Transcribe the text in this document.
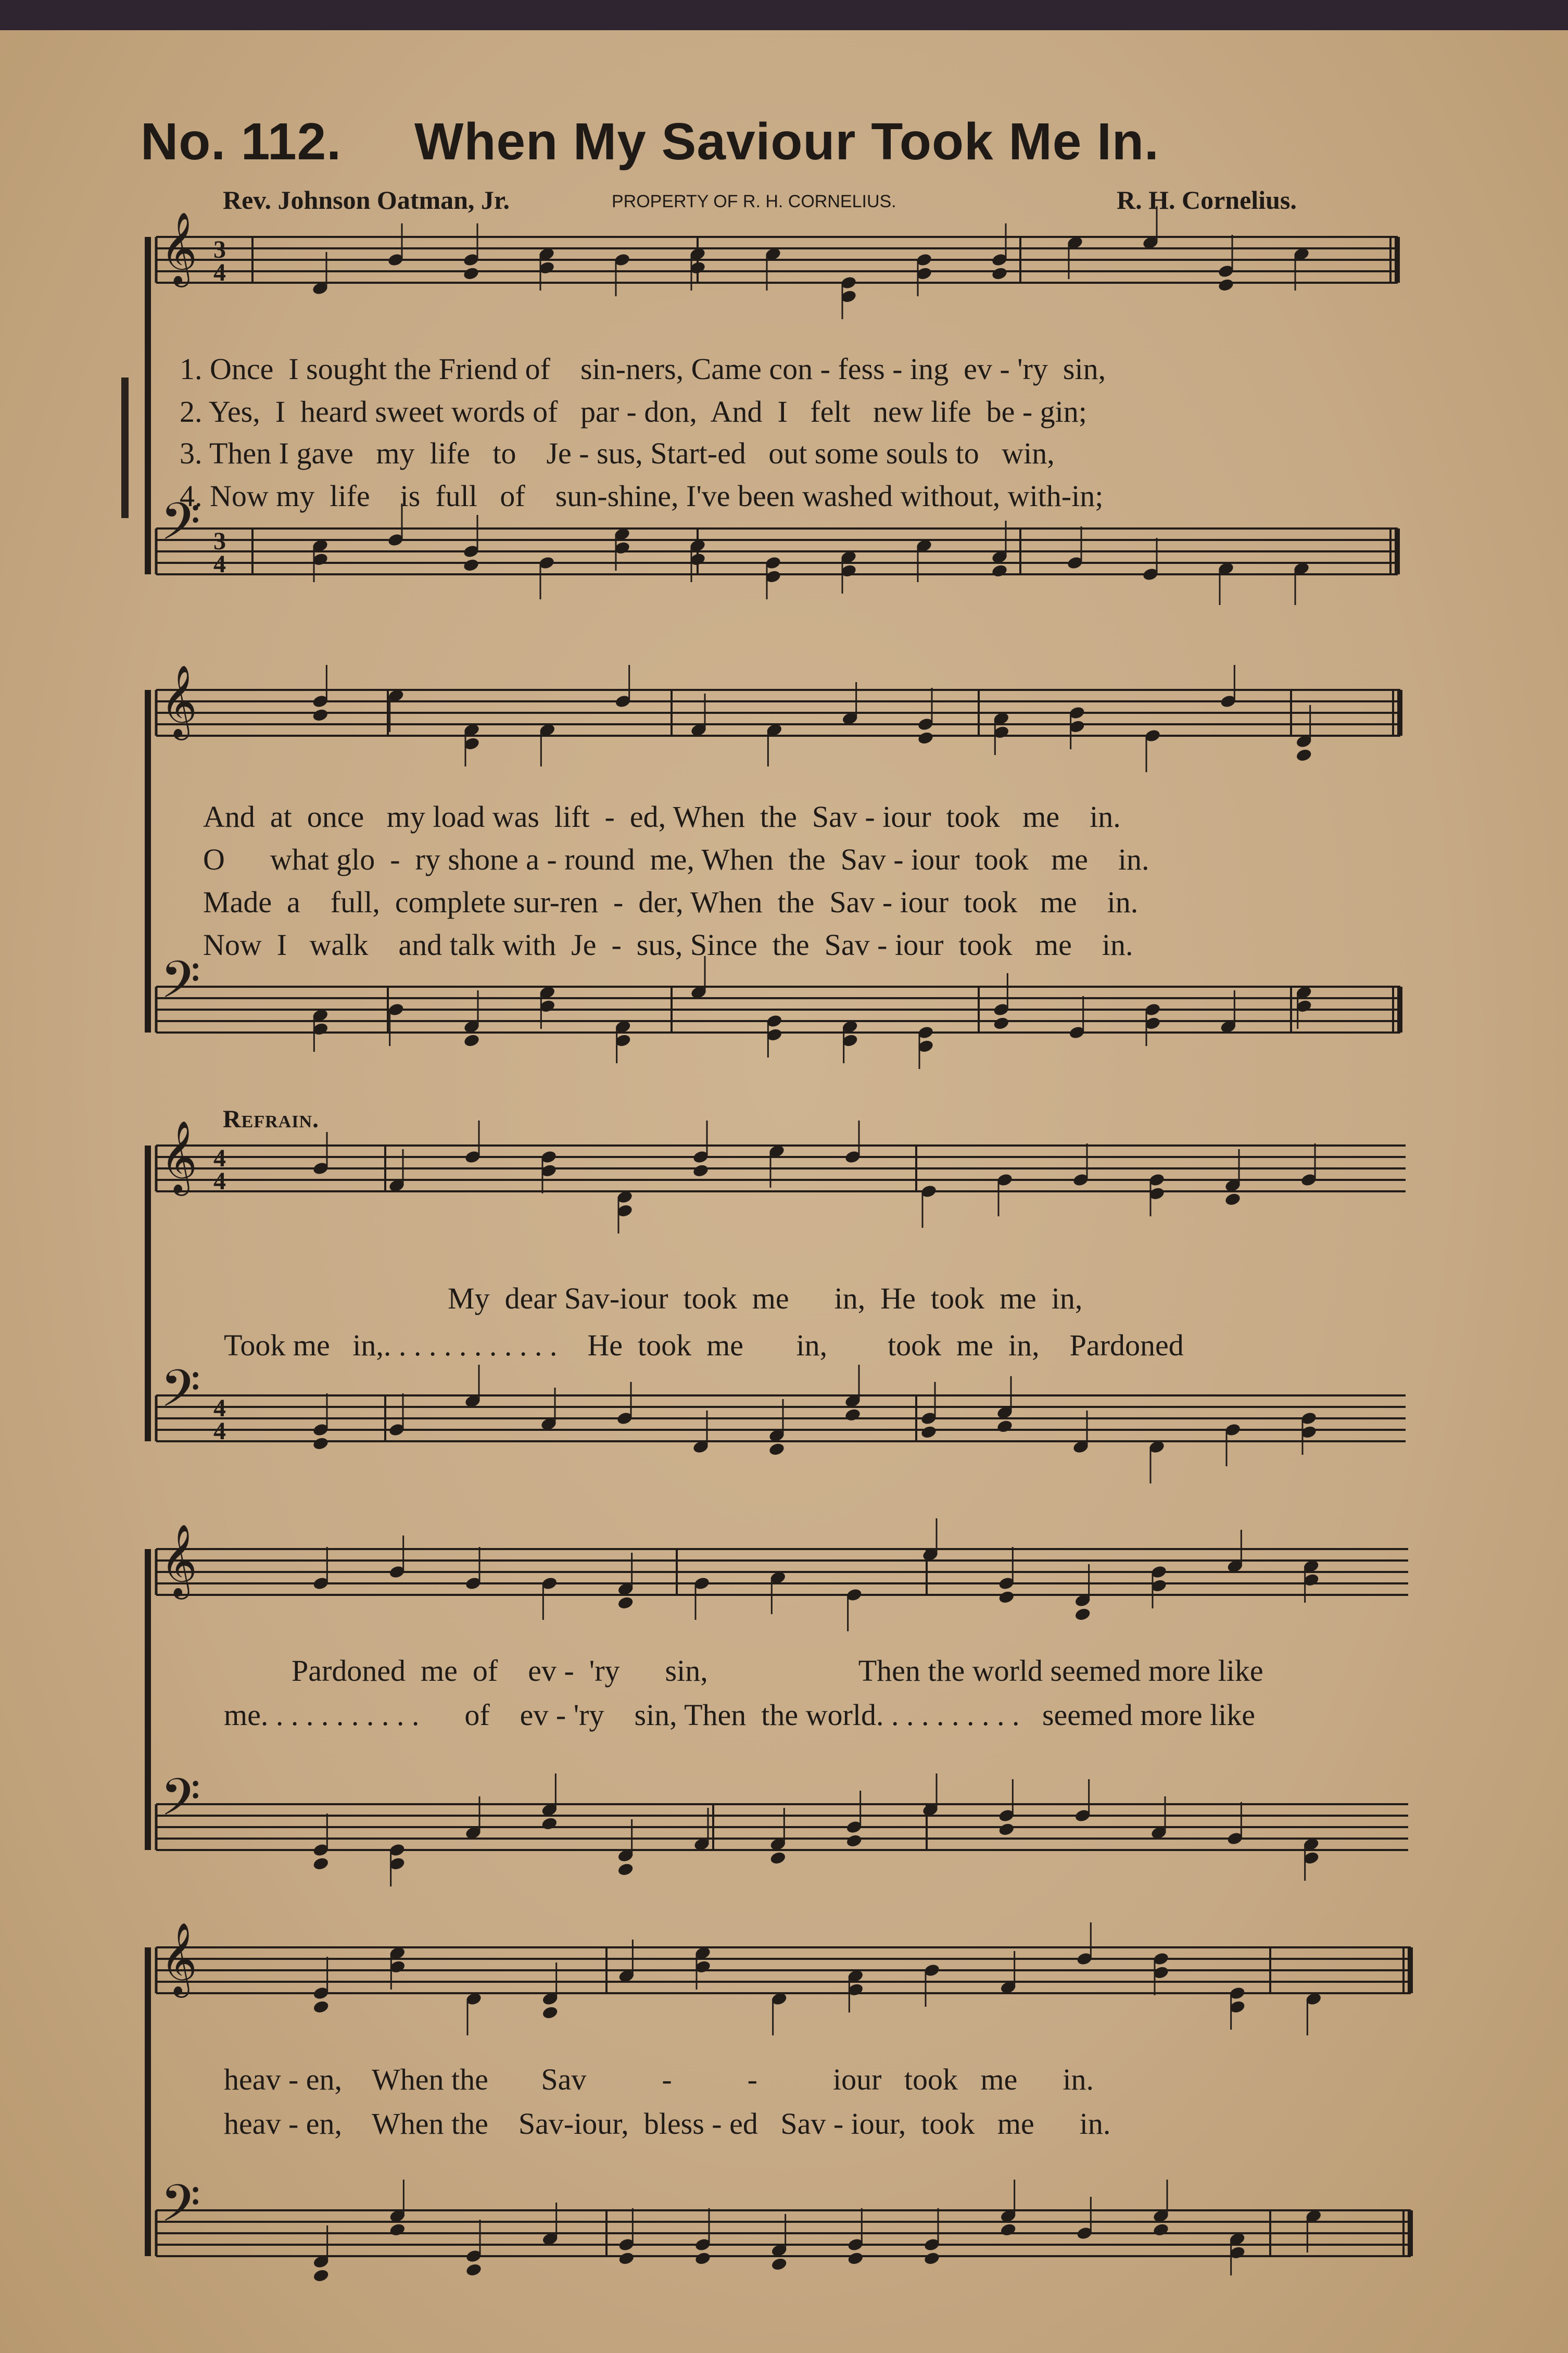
No. 112. When My Saviour Took Me In.
Rev. Johnson Oatman, Jr.	PROPERTY OF R. H. CORNELIUS.	R. H. Cornelius.
𝄞
𝄢
3
4
3
4
𝄞
𝄢
𝄞
𝄢
4
4
4
4
𝄞
𝄢
𝄞
𝄢
1. Once  I sought the Friend of    sin-ners, Came con - fess - ing  ev - 'ry  sin,
2. Yes,  I  heard sweet words of   par - don,  And  I   felt   new life  be - gin;
3. Then I gave   my  life   to    Je - sus, Start-ed   out some souls to   win,
4. Now my  life    is  full   of    sun-shine, I've been washed without, with-in;
And  at  once   my load was  lift  -  ed, When  the  Sav - iour  took   me    in.
O      what glo  -  ry shone a - round  me, When  the  Sav - iour  took   me    in.
Made  a    full,  complete sur-ren  -  der, When  the  Sav - iour  took   me    in.
Now  I   walk    and talk with  Je  -  sus, Since  the  Sav - iour  took   me    in.
Refrain.
My  dear Sav-iour  took  me      in,  He  took  me  in,
Took me   in,. . . . . . . . . . . .    He  took  me       in,        took  me  in,    Pardoned
Pardoned  me  of    ev -  'ry      sin,                    Then the world seemed more like
me. . . . . . . . . . .      of    ev - 'ry    sin, Then  the world. . . . . . . . . .   seemed more like
heav - en,    When the       Sav          -          -          iour   took   me      in.
heav - en,    When the    Sav-iour,  bless - ed   Sav - iour,  took   me      in.
